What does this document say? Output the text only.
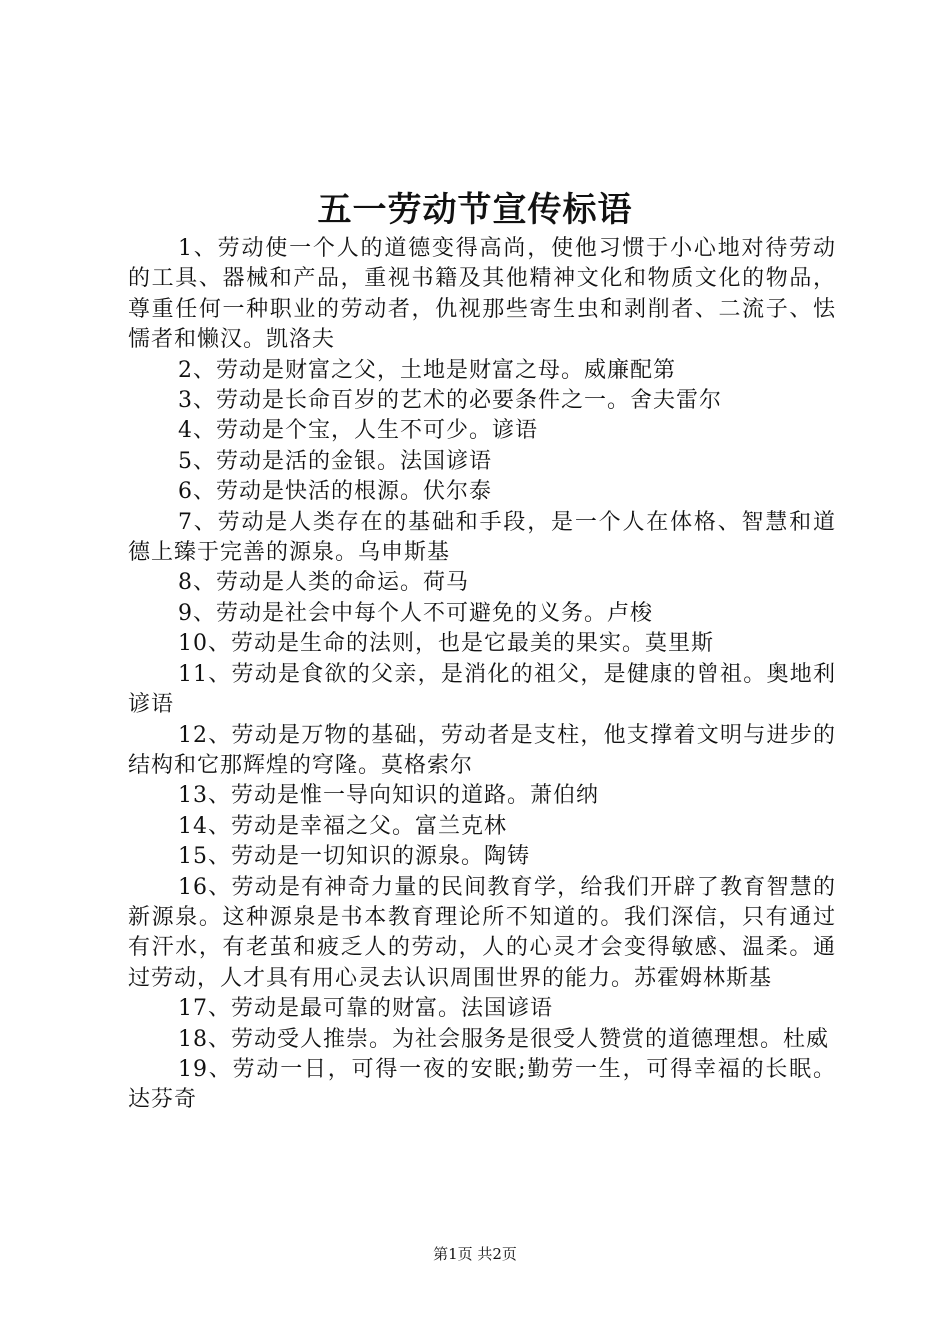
五一劳动节宣传标语

1、劳动使一个人的道德变得高尚，使他习惯于小心地对待劳动的工具、器械和产品，重视书籍及其他精神文化和物质文化的物品，尊重任何一种职业的劳动者，仇视那些寄生虫和剥削者、二流子、怯懦者和懒汉。凯洛夫

2、劳动是财富之父，土地是财富之母。威廉配第

3、劳动是长命百岁的艺术的必要条件之一。舍夫雷尔

4、劳动是个宝，人生不可少。谚语

5、劳动是活的金银。法国谚语

6、劳动是快活的根源。伏尔泰

7、劳动是人类存在的基础和手段，是一个人在体格、智慧和道德上臻于完善的源泉。乌申斯基

8、劳动是人类的命运。荷马

9、劳动是社会中每个人不可避免的义务。卢梭

10、劳动是生命的法则，也是它最美的果实。莫里斯

11、劳动是食欲的父亲，是消化的祖父，是健康的曾祖。奥地利谚语

12、劳动是万物的基础，劳动者是支柱，他支撑着文明与进步的结构和它那辉煌的穹隆。莫格索尔

13、劳动是惟一导向知识的道路。萧伯纳

14、劳动是幸福之父。富兰克林

15、劳动是一切知识的源泉。陶铸

16、劳动是有神奇力量的民间教育学，给我们开辟了教育智慧的新源泉。这种源泉是书本教育理论所不知道的。我们深信，只有通过有汗水，有老茧和疲乏人的劳动，人的心灵才会变得敏感、温柔。通过劳动，人才具有用心灵去认识周围世界的能力。苏霍姆林斯基

17、劳动是最可靠的财富。法国谚语

18、劳动受人推崇。为社会服务是很受人赞赏的道德理想。杜威

19、劳动一日，可得一夜的安眠;勤劳一生，可得幸福的长眠。达芬奇

第1页 共2页
